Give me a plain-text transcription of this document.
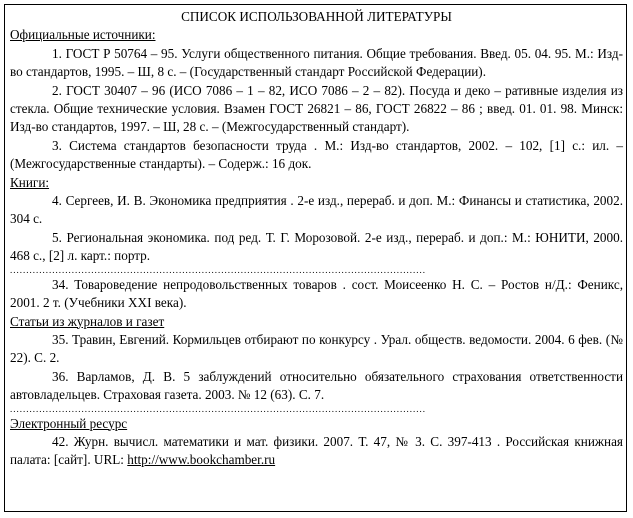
СПИСОК ИСПОЛЬЗОВАННОЙ ЛИТЕРАТУРЫ

Официальные источники:

1. ГОСТ Р 50764 – 95. Услуги общественного питания. Общие требования. Введ. 05. 04. 95. М.: Изд-во стандартов, 1995. – Ш, 8 с. – (Государственный стандарт Российской Федерации).

2. ГОСТ 30407 – 96 (ИСО 7086 – 1 – 82, ИСО 7086 – 2 – 82). Посуда и деко – ративные изделия из стекла. Общие технические условия. Взамен ГОСТ 26821 – 86, ГОСТ 26822 – 86 ; введ. 01. 01. 98. Минск: Изд-во стандартов, 1997. – Ш, 28 с. – (Межгосударственный стандарт).

3. Система стандартов безопасности труда . М.: Изд-во стандартов, 2002. – 102, [1] с.: ил. – (Межгосударственные стандарты). – Содерж.: 16 док.

Книги:

4. Сергеев, И. В. Экономика предприятия . 2-е изд., перераб. и доп. М.: Финансы и статистика, 2002. 304 с.

5. Региональная экономика. под ред. Т. Г. Морозовой. 2-е изд., перераб. и доп.: М.: ЮНИТИ, 2000. 468 с., [2] л. карт.: портр.

................................................................................................................................

34. Товароведение непродовольственных товаров . сост. Моисеенко Н. С. – Ростов н/Д.: Феникс, 2001. 2 т. (Учебники XXI века).

Статьи из журналов и газет

35. Травин, Евгений. Кормильцев отбирают по конкурсу . Урал. обществ. ведомости. 2004. 6 фев. (№ 22). С. 2.

36. Варламов, Д. В. 5 заблуждений относительно обязательного страхования ответственности автовладельцев. Страховая газета. 2003. № 12 (63). С. 7.

................................................................................................................................

Электронный ресурс

42. Журн. вычисл. математики и мат. физики. 2007. Т. 47, № 3. С. 397-413 . Российская книжная палата: [сайт]. URL: http://www.bookchamber.ru
